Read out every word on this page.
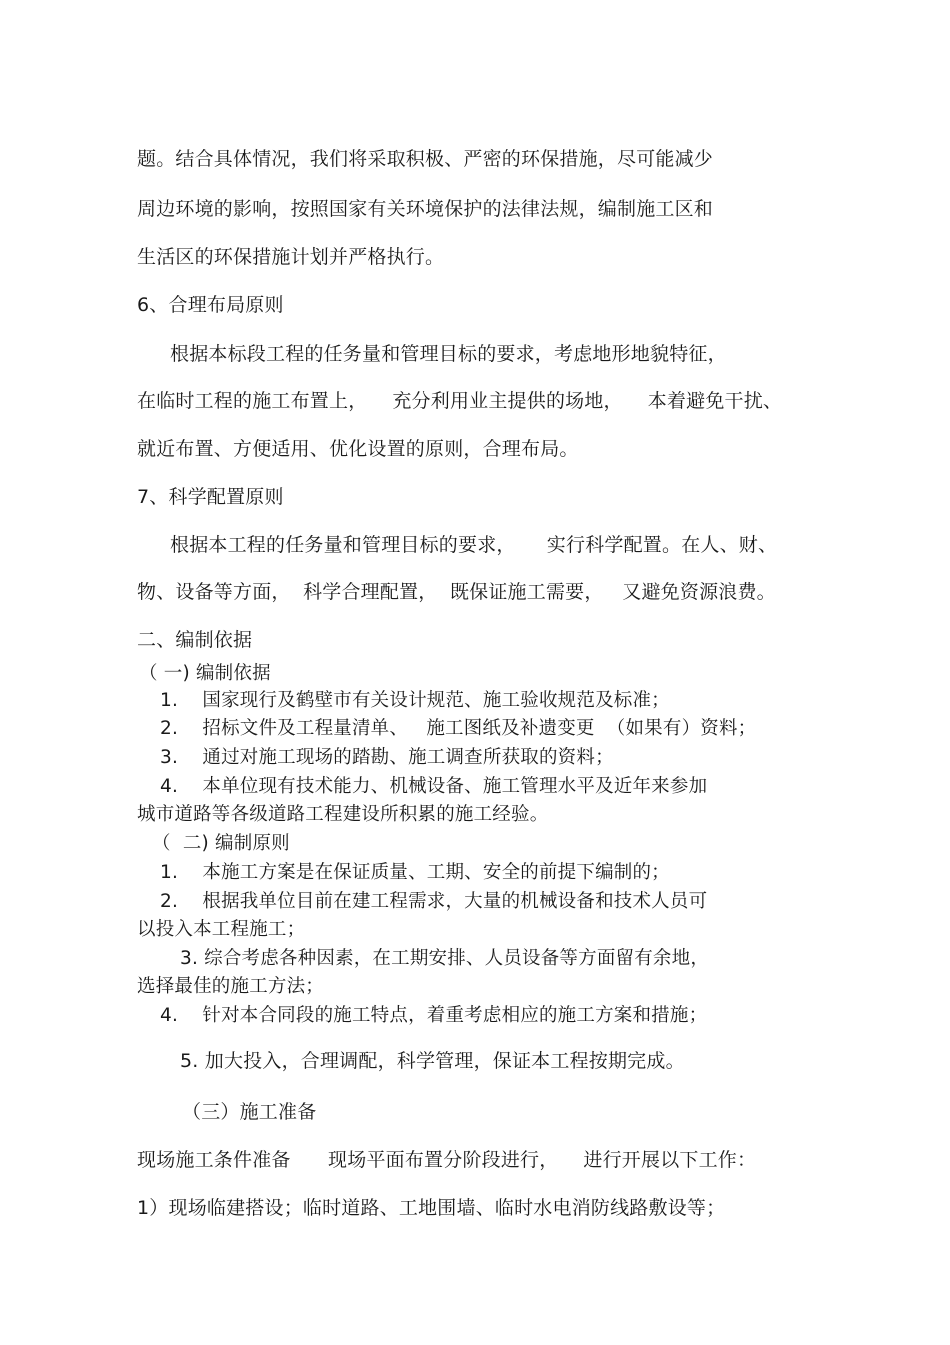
题。结合具体情况，我们将采取积极、严密的环保措施，尽可能减少
周边环境的影响，按照国家有关环境保护的法律法规，编制施工区和
生活区的环保措施计划并严格执行。
6、合理布局原则
根据本标段工程的任务量和管理目标的要求，考虑地形地貌特征，
在临时工程的施工布置上，    充分利用业主提供的场地，    本着避免干扰、
就近布置、方便适用、优化设置的原则，合理布局。
7、科学配置原则
根据本工程的任务量和管理目标的要求，     实行科学配置。在人、财、
物、设备等方面，  科学合理配置，  既保证施工需要，   又避免资源浪费。
二、编制依据
（ 一) 编制依据
1.    国家现行及鹤壁市有关设计规范、施工验收规范及标准；
2.    招标文件及工程量清单、   施工图纸及补遗变更  （如果有）资料；
3.    通过对施工现场的踏勘、施工调查所获取的资料；
4.    本单位现有技术能力、机械设备、施工管理水平及近年来参加
城市道路等各级道路工程建设所积累的施工经验。
（  二) 编制原则
1.    本施工方案是在保证质量、工期、安全的前提下编制的；
2.    根据我单位目前在建工程需求，大量的机械设备和技术人员可
以投入本工程施工；
3. 综合考虑各种因素，在工期安排、人员设备等方面留有余地，
选择最佳的施工方法；
4.    针对本合同段的施工特点，着重考虑相应的施工方案和措施；
5. 加大投入，合理调配，科学管理，保证本工程按期完成。
（三）施工准备
现场施工条件准备      现场平面布置分阶段进行，    进行开展以下工作：
1）现场临建搭设；临时道路、工地围墙、临时水电消防线路敷设等；
